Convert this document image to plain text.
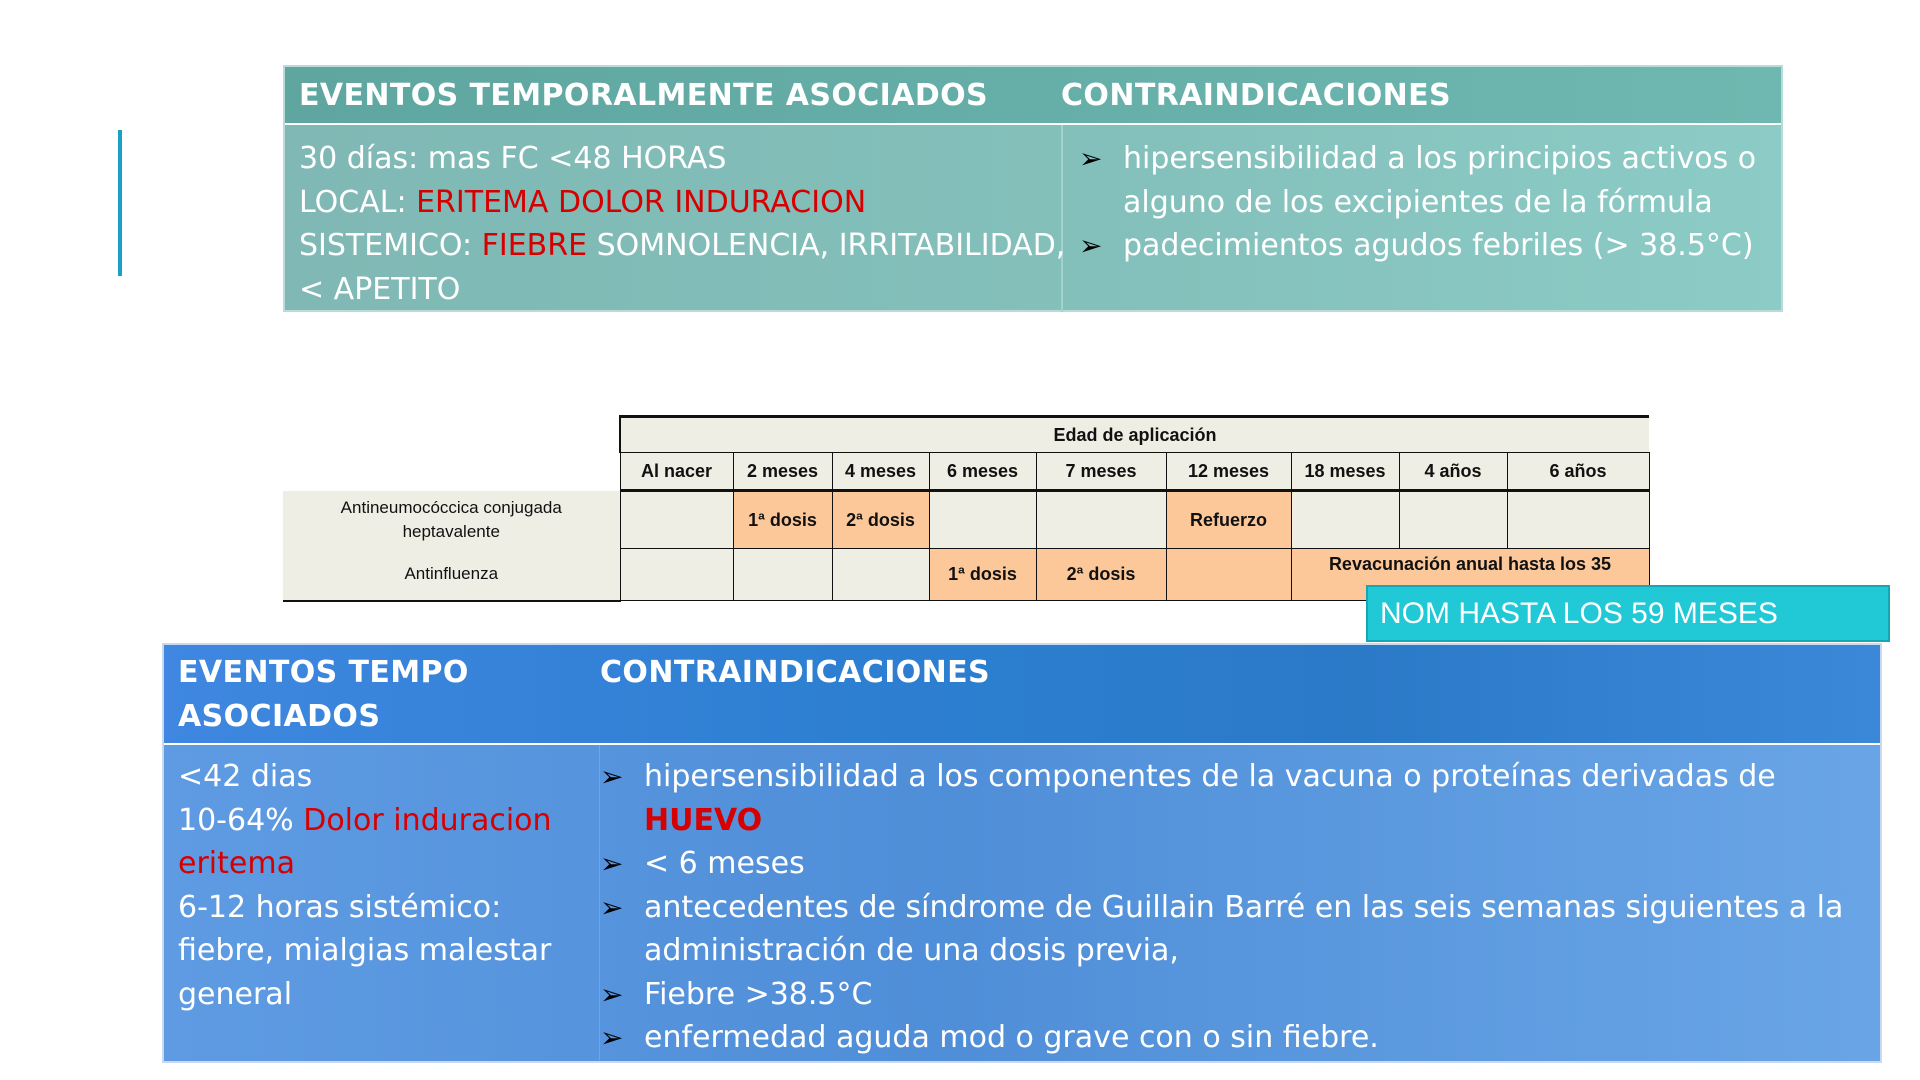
EVENTOS TEMPORALMENTE ASOCIADOS	CONTRAINDICACIONES
30 días: mas FC <48 HORAS
LOCAL: ERITEMA DOLOR INDURACION
SISTEMICO: FIEBRE SOMNOLENCIA, IRRITABILIDAD,
< APETITO
➢ hipersensibilidad a los principios activos o
alguno de los excipientes de la fórmula
➢ padecimientos agudos febriles (> 38.5°C)
	Edad de aplicación								
	Al nacer	2 meses	4 meses	6 meses	7 meses	12 meses	18 meses	4 años	6 años
Antineumocóccica conjugada
heptavalente		1ª dosis	2ª dosis			Refuerzo			
Antinfluenza				1ª dosis	2ª dosis		Revacunación anual hasta los 35		
NOM HASTA LOS 59 MESES
EVENTOS TEMPO
ASOCIADOS
CONTRAINDICACIONES
<42 dias
10-64% Dolor induracion eritema
6-12 horas sistémico:
fiebre, mialgias malestar general
➢ hipersensibilidad a los componentes de la vacuna o proteínas derivadas de
HUEVO
➢ < 6 meses
➢ antecedentes de síndrome de Guillain Barré en las seis semanas siguientes a la
administración de una dosis previa,
➢ Fiebre >38.5°C
➢ enfermedad aguda mod o grave con o sin fiebre.
